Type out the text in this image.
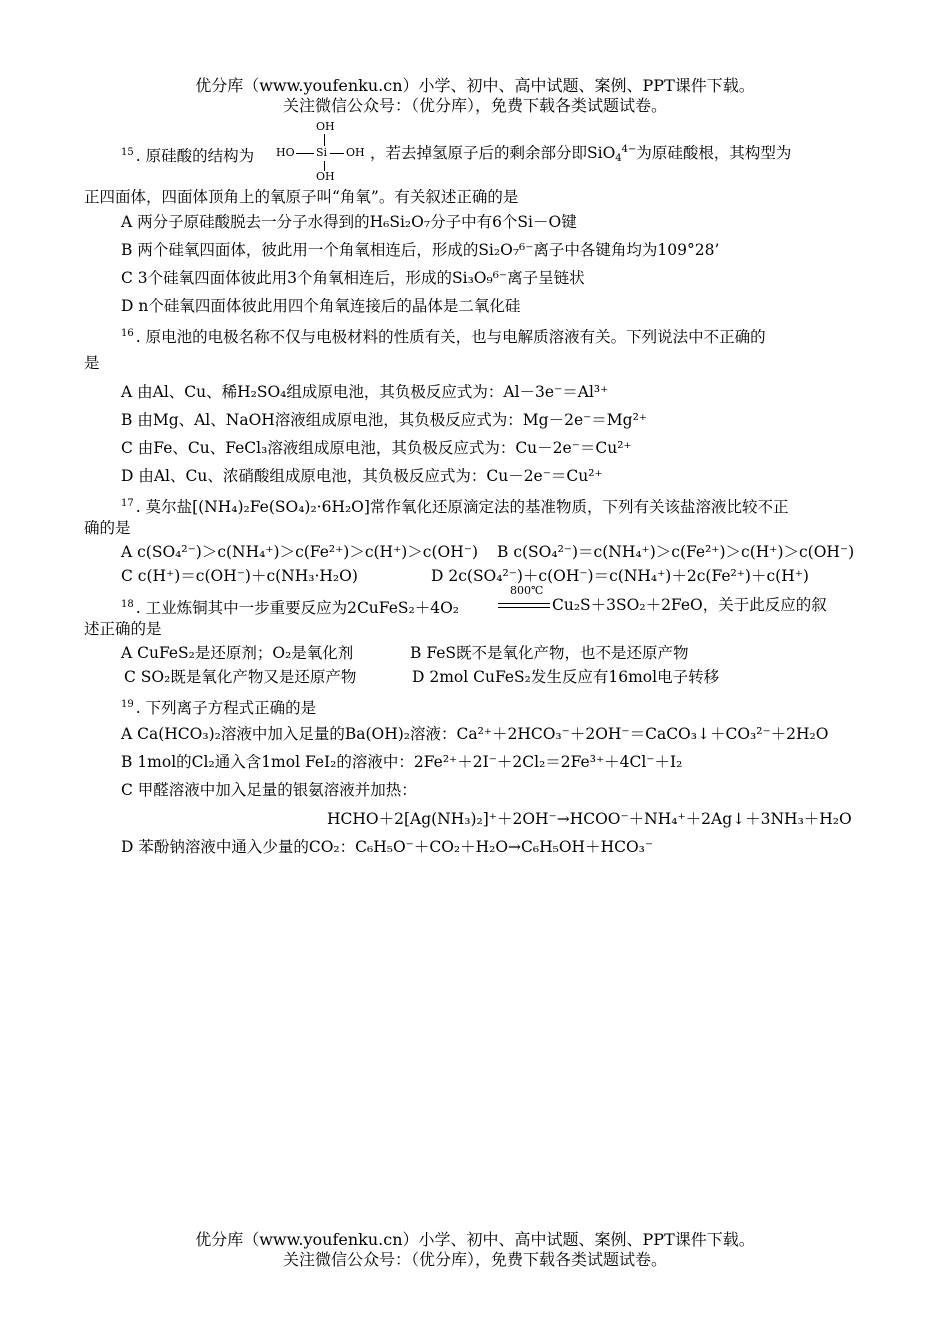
优分库（www.youfenku.cn）小学、初中、高中试题、案例、PPT课件下载。
关注微信公众号：（优分库），免费下载各类试题试卷。
OH
HO Si OH
OH
$^{15}$ . 原硅酸的结构为	，若去掉氢原子后的剩余部分即SiO$_4^{4-}$为原硅酸根，其构型为
正四面体，四面体顶角上的氧原子叫“角氧”。有关叙述正确的是
A 两分子原硅酸脱去一分子水得到的H₆Si₂O₇分子中有6个Si－O键
B 两个硅氧四面体，彼此用一个角氧相连后，形成的Si₂O₇⁶⁻离子中各键角均为109°28’
C 3个硅氧四面体彼此用3个角氧相连后，形成的Si₃O₉⁶⁻离子呈链状
D n个硅氧四面体彼此用四个角氧连接后的晶体是二氧化硅
$^{16}$ . 原电池的电极名称不仅与电极材料的性质有关，也与电解质溶液有关。下列说法中不正确的
是
A 由Al、Cu、稀H₂SO₄组成原电池，其负极反应式为：Al－3e⁻＝Al³⁺
B 由Mg、Al、NaOH溶液组成原电池，其负极反应式为：Mg－2e⁻＝Mg²⁺
C 由Fe、Cu、FeCl₃溶液组成原电池，其负极反应式为：Cu－2e⁻＝Cu²⁺
D 由Al、Cu、浓硝酸组成原电池，其负极反应式为：Cu－2e⁻＝Cu²⁺
$^{17}$ . 莫尔盐[(NH₄)₂Fe(SO₄)₂·6H₂O]常作氧化还原滴定法的基准物质，下列有关该盐溶液比较不正
确的是
A c(SO₄²⁻)＞c(NH₄⁺)＞c(Fe²⁺)＞c(H⁺)＞c(OH⁻) B c(SO₄²⁻)＝c(NH₄⁺)＞c(Fe²⁺)＞c(H⁺)＞c(OH⁻)
C c(H⁺)＝c(OH⁻)＋c(NH₃·H₂O)	D 2c(SO₄²⁻)＋c(OH⁻)＝c(NH₄⁺)＋2c(Fe²⁺)＋c(H⁺)
$^{18}$ . 工业炼铜其中一步重要反应为2CuFeS₂＋4O₂
800℃
Cu₂S＋3SO₂＋2FeO，关于此反应的叙
述正确的是
A CuFeS₂是还原剂；O₂是氧化剂	B FeS既不是氧化产物，也不是还原产物
C SO₂既是氧化产物又是还原产物	D 2mol CuFeS₂发生反应有16mol电子转移
$^{19}$ . 下列离子方程式正确的是
A Ca(HCO₃)₂溶液中加入足量的Ba(OH)₂溶液：Ca²⁺＋2HCO₃⁻＋2OH⁻＝CaCO₃↓＋CO₃²⁻＋2H₂O
B 1mol的Cl₂通入含1mol FeI₂的溶液中：2Fe²⁺＋2I⁻＋2Cl₂＝2Fe³⁺＋4Cl⁻＋I₂
C 甲醛溶液中加入足量的银氨溶液并加热：
HCHO＋2[Ag(NH₃)₂]⁺＋2OH⁻→HCOO⁻＋NH₄⁺＋2Ag↓＋3NH₃＋H₂O
D 苯酚钠溶液中通入少量的CO₂：C₆H₅O⁻＋CO₂＋H₂O→C₆H₅OH＋HCO₃⁻
优分库（www.youfenku.cn）小学、初中、高中试题、案例、PPT课件下载。
关注微信公众号：（优分库），免费下载各类试题试卷。
